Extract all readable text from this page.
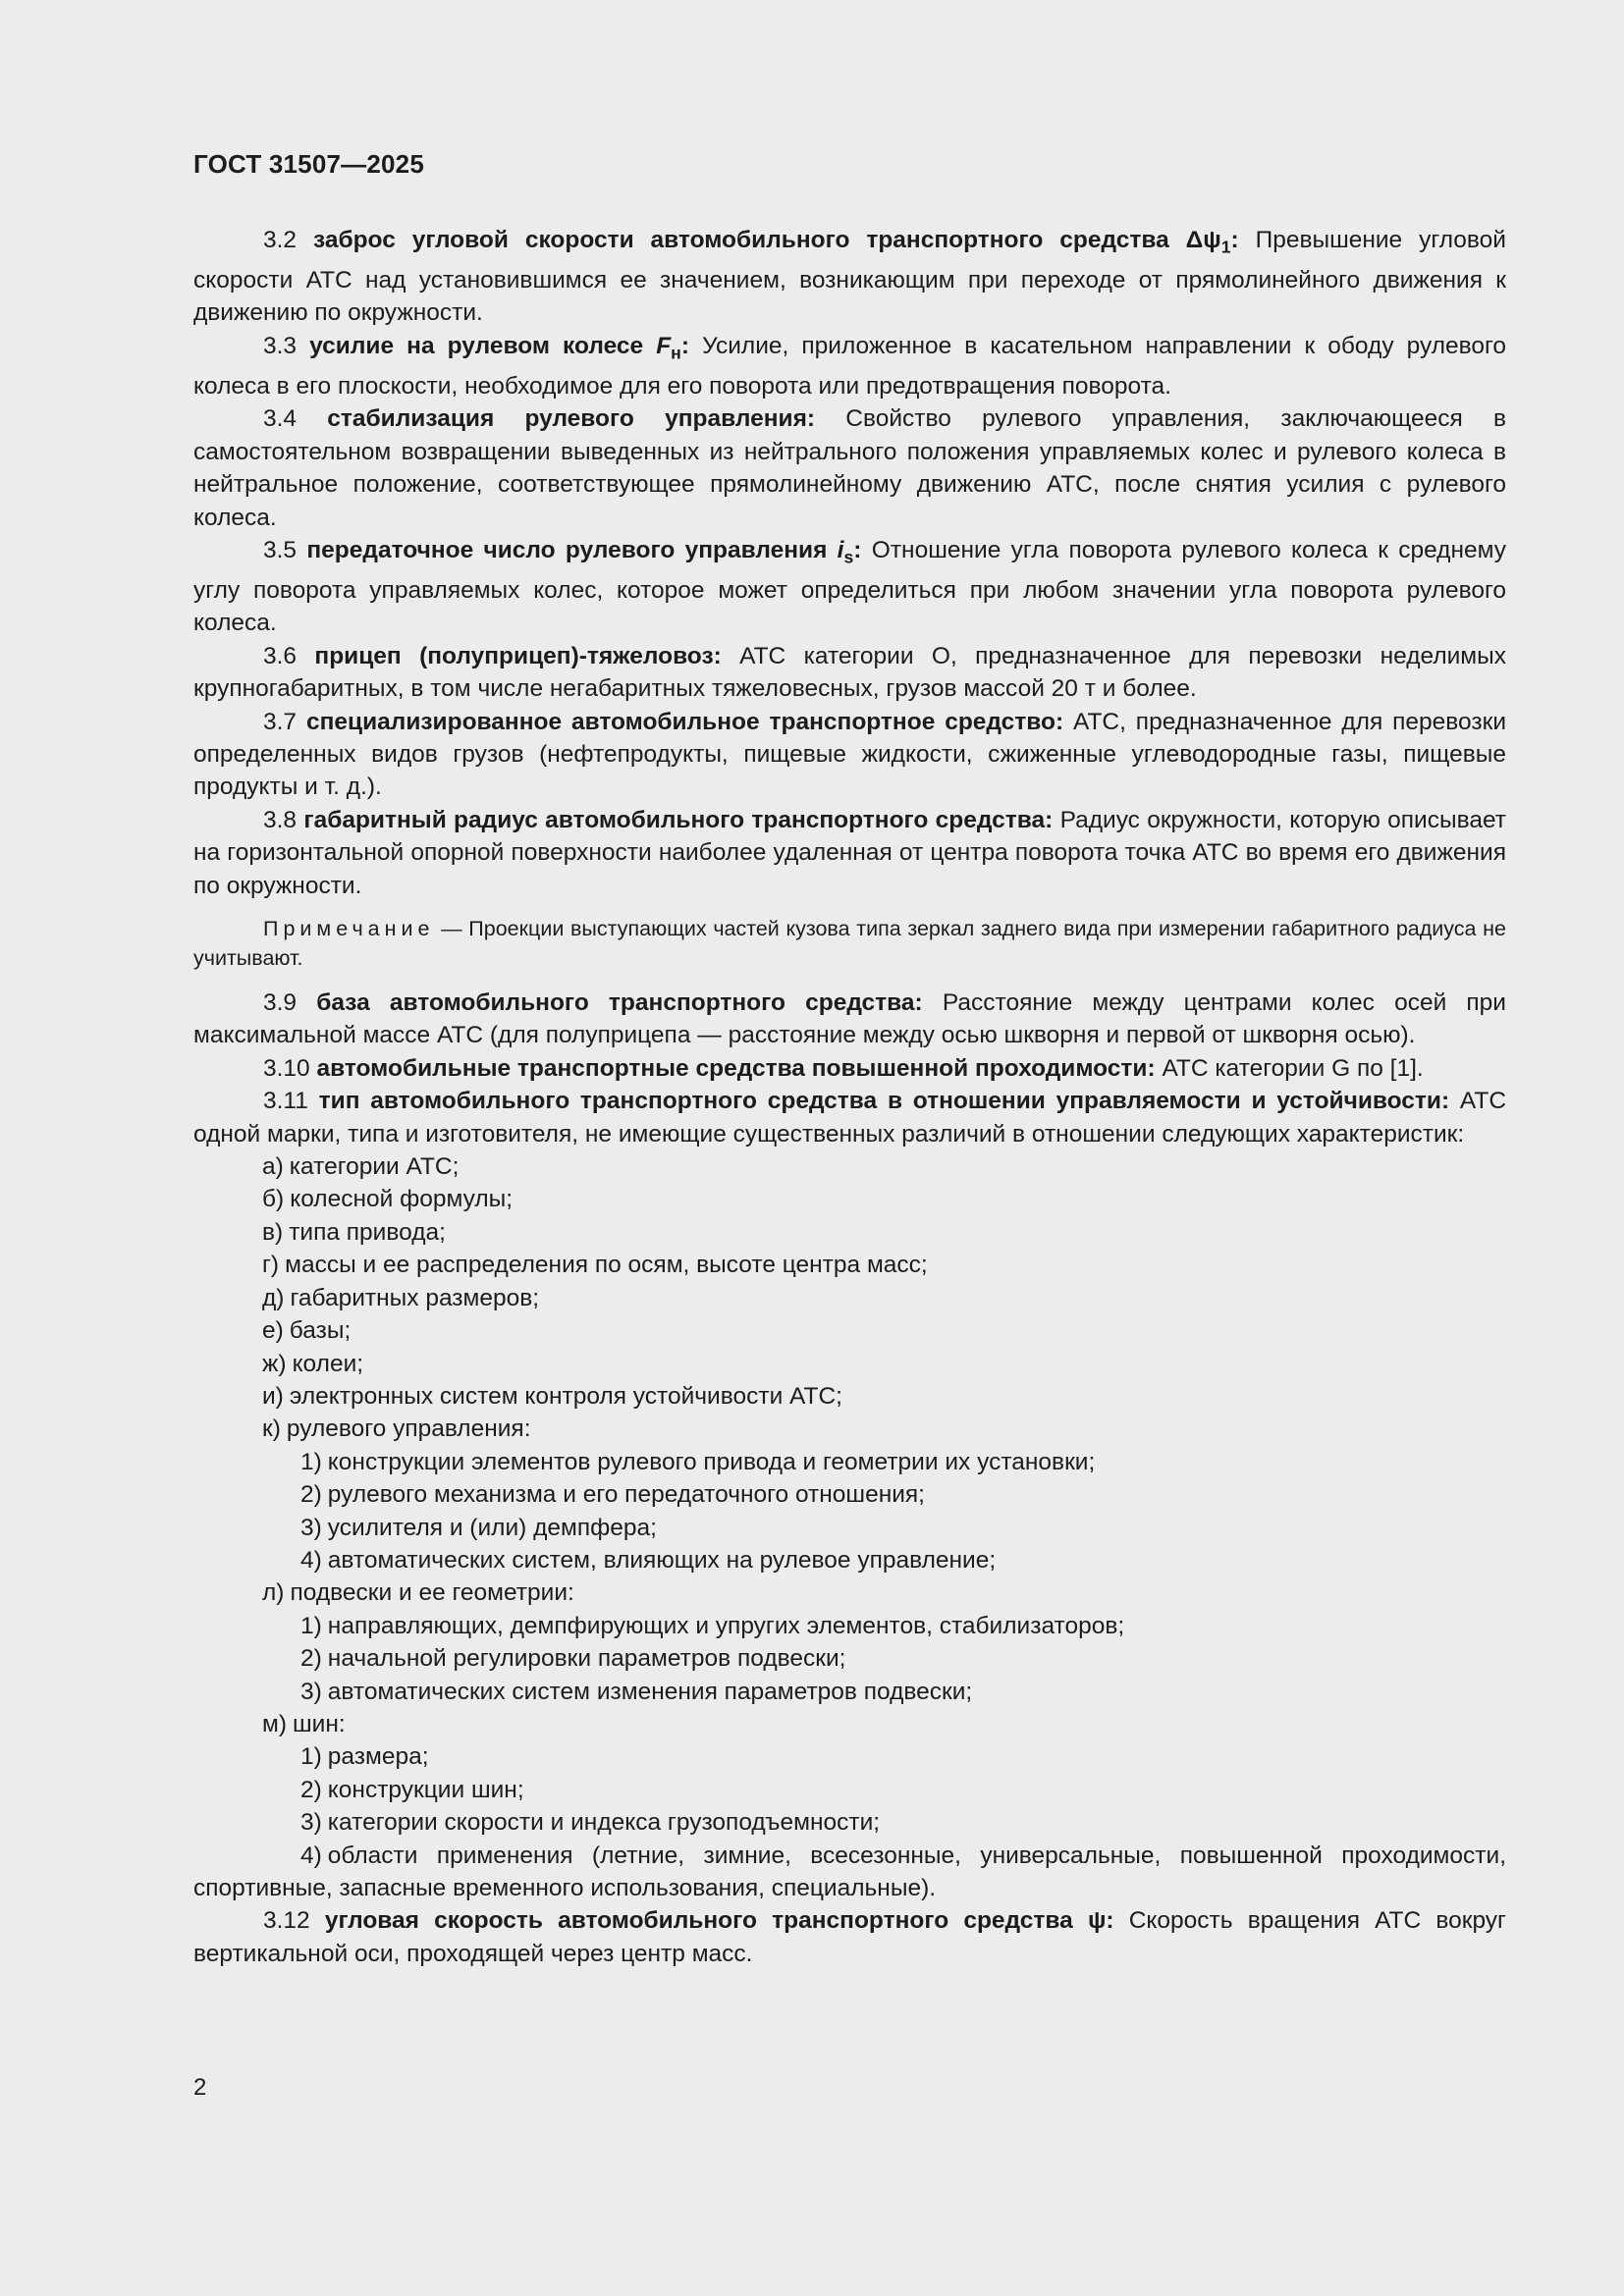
ГОСТ 31507—2025

3.2 заброс угловой скорости автомобильного транспортного средства $\Delta\psi_1$: Превышение угловой скорости АТС над установившимся ее значением, возникающим при переходе от прямолинейного движения к движению по окружности.

3.3 усилие на рулевом колесе $F_н$: Усилие, приложенное в касательном направлении к ободу рулевого колеса в его плоскости, необходимое для его поворота или предотвращения поворота.

3.4 стабилизация рулевого управления: Свойство рулевого управления, заключающееся в самостоятельном возвращении выведенных из нейтрального положения управляемых колес и рулевого колеса в нейтральное положение, соответствующее прямолинейному движению АТС, после снятия усилия с рулевого колеса.

3.5 передаточное число рулевого управления $i_s$: Отношение угла поворота рулевого колеса к среднему углу поворота управляемых колес, которое может определиться при любом значении угла поворота рулевого колеса.

3.6 прицеп (полуприцеп)-тяжеловоз: АТС категории О, предназначенное для перевозки неделимых крупногабаритных, в том числе негабаритных тяжеловесных, грузов массой 20 т и более.

3.7 специализированное автомобильное транспортное средство: АТС, предназначенное для перевозки определенных видов грузов (нефтепродукты, пищевые жидкости, сжиженные углеводородные газы, пищевые продукты и т. д.).

3.8 габаритный радиус автомобильного транспортного средства: Радиус окружности, которую описывает на горизонтальной опорной поверхности наиболее удаленная от центра поворота точка АТС во время его движения по окружности.

Примечание — Проекции выступающих частей кузова типа зеркал заднего вида при измерении габаритного радиуса не учитывают.

3.9 база автомобильного транспортного средства: Расстояние между центрами колес осей при максимальной массе АТС (для полуприцепа — расстояние между осью шкворня и первой от шкворня осью).

3.10 автомобильные транспортные средства повышенной проходимости: АТС категории G по [1].

3.11 тип автомобильного транспортного средства в отношении управляемости и устойчивости: АТС одной марки, типа и изготовителя, не имеющие существенных различий в отношении следующих характеристик:

а) категории АТС;
б) колесной формулы;
в) типа привода;
г) массы и ее распределения по осям, высоте центра масс;
д) габаритных размеров;
е) базы;
ж) колеи;
и) электронных систем контроля устойчивости АТС;
к) рулевого управления:
1) конструкции элементов рулевого привода и геометрии их установки;
2) рулевого механизма и его передаточного отношения;
3) усилителя и (или) демпфера;
4) автоматических систем, влияющих на рулевое управление;
л) подвески и ее геометрии:
1) направляющих, демпфирующих и упругих элементов, стабилизаторов;
2) начальной регулировки параметров подвески;
3) автоматических систем изменения параметров подвески;
м) шин:
1) размера;
2) конструкции шин;
3) категории скорости и индекса грузоподъемности;
4) области применения (летние, зимние, всесезонные, универсальные, повышенной проходимости, спортивные, запасные временного использования, специальные).

3.12 угловая скорость автомобильного транспортного средства ψ: Скорость вращения АТС вокруг вертикальной оси, проходящей через центр масс.

2
